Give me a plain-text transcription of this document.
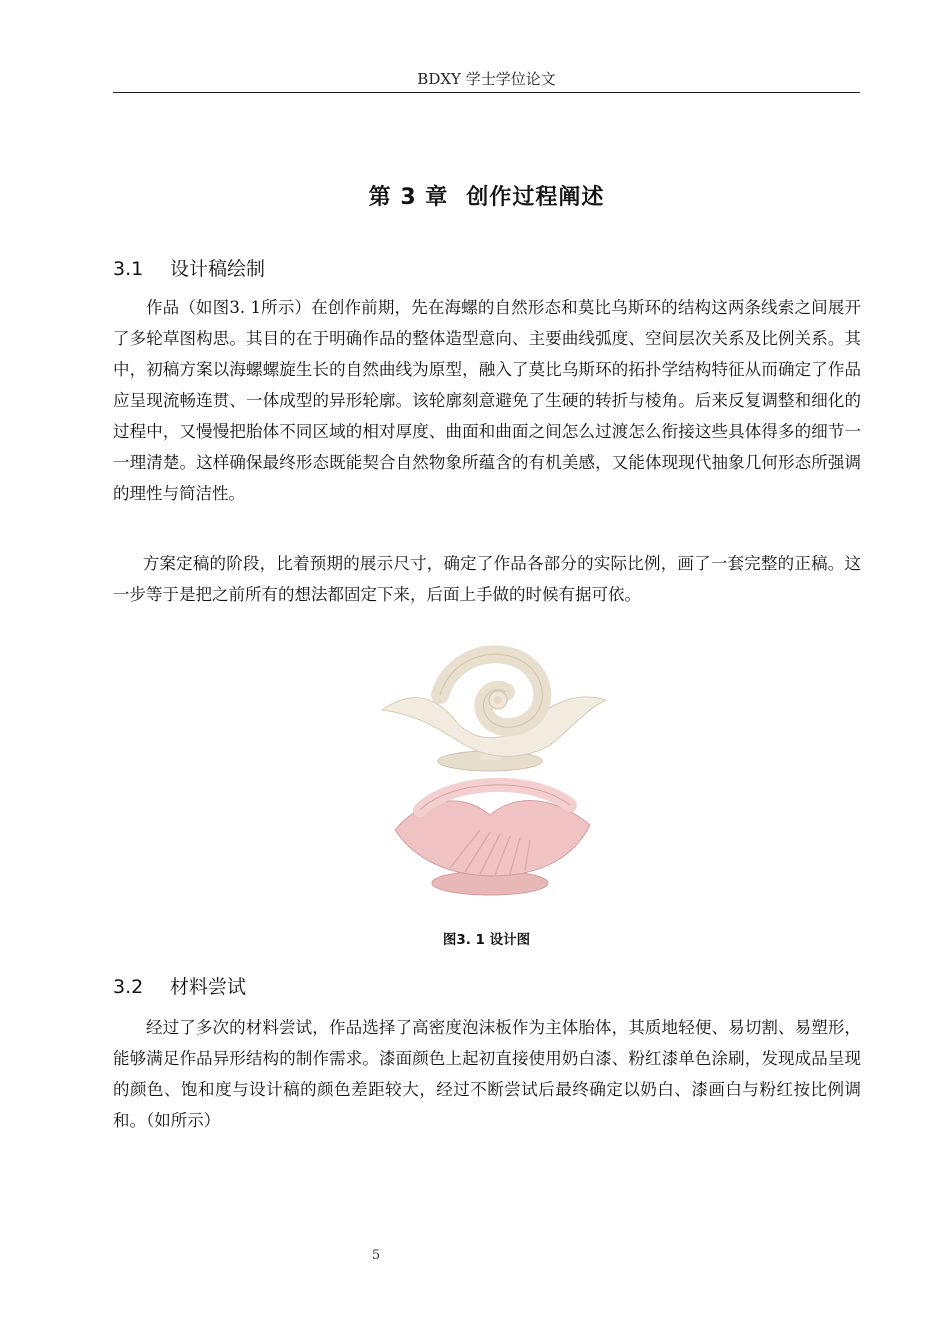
BDXY 学士学位论文
第 3 章 创作过程阐述
3.1 设计稿绘制

作品（如图3. 1所示）在创作前期，先在海螺的自然形态和莫比乌斯环的结构这两条线索之间展开了多轮草图构思。其目的在于明确作品的整体造型意向、主要曲线弧度、空间层次关系及比例关系。其中，初稿方案以海螺螺旋生长的自然曲线为原型，融入了莫比乌斯环的拓扑学结构特征从而确定了作品应呈现流畅连贯、一体成型的异形轮廓。该轮廓刻意避免了生硬的转折与棱角。后来反复调整和细化的过程中，又慢慢把胎体不同区域的相对厚度、曲面和曲面之间怎么过渡怎么衔接这些具体得多的细节一一理清楚。这样确保最终形态既能契合自然物象所蕴含的有机美感，又能体现现代抽象几何形态所强调的理性与简洁性。

方案定稿的阶段，比着预期的展示尺寸，确定了作品各部分的实际比例，画了一套完整的正稿。这一步等于是把之前所有的想法都固定下来，后面上手做的时候有据可依。

图3. 1 设计图
3.2 材料尝试

经过了多次的材料尝试，作品选择了高密度泡沫板作为主体胎体，其质地轻便、易切割、易塑形，能够满足作品异形结构的制作需求。漆面颜色上起初直接使用奶白漆、粉红漆单色涂刷，发现成品呈现的颜色、饱和度与设计稿的颜色差距较大，经过不断尝试后最终确定以奶白、漆画白与粉红按比例调和。（如所示）

5
